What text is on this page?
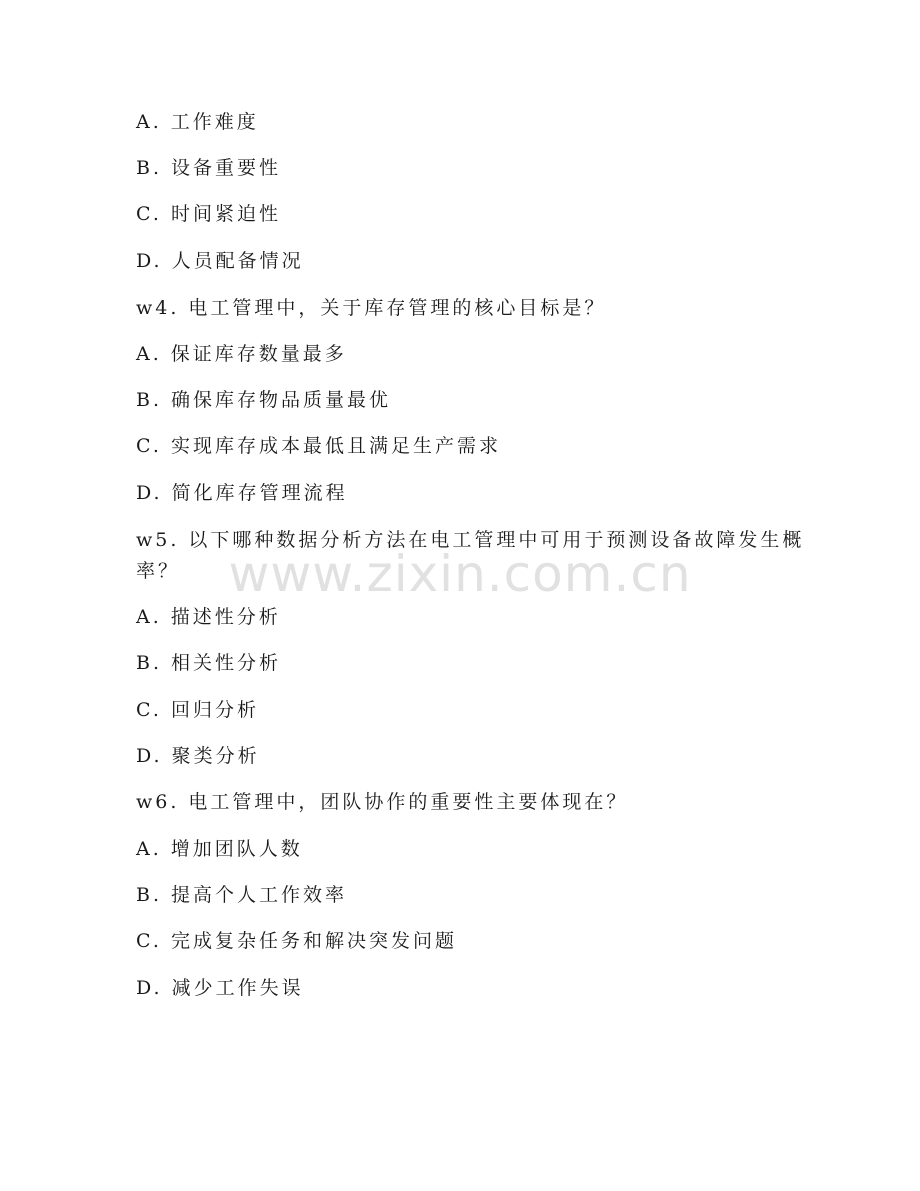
A. 工作难度
B. 设备重要性
C. 时间紧迫性
D. 人员配备情况
w4. 电工管理中，关于库存管理的核心目标是？
A. 保证库存数量最多
B. 确保库存物品质量最优
C. 实现库存成本最低且满足生产需求
D. 简化库存管理流程
w5. 以下哪种数据分析方法在电工管理中可用于预测设备故障发生概
率？
A. 描述性分析
B. 相关性分析
C. 回归分析
D. 聚类分析
w6. 电工管理中，团队协作的重要性主要体现在？
A. 增加团队人数
B. 提高个人工作效率
C. 完成复杂任务和解决突发问题
D. 减少工作失误
www.zixin.com.cn
